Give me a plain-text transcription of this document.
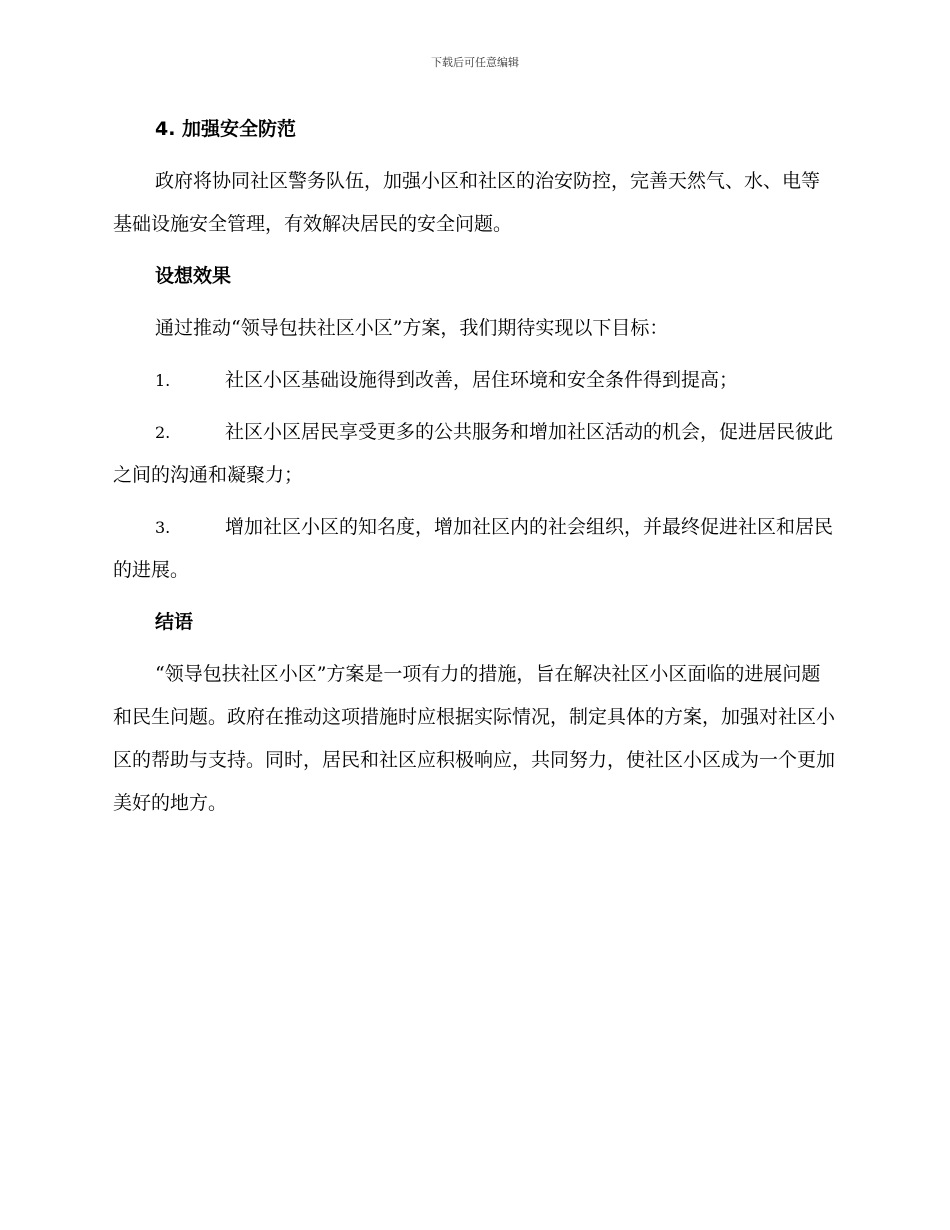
下载后可任意编辑
4. 加强安全防范

政府将协同社区警务队伍，加强小区和社区的治安防控，完善天然气、水、电等基础设施安全管理，有效解决居民的安全问题。

设想效果

通过推动“领导包扶社区小区”方案，我们期待实现以下目标：

1.	社区小区基础设施得到改善，居住环境和安全条件得到提高；

2.	社区小区居民享受更多的公共服务和增加社区活动的机会，促进居民彼此之间的沟通和凝聚力；

3.	增加社区小区的知名度，增加社区内的社会组织，并最终促进社区和居民的进展。

结语

“领导包扶社区小区”方案是一项有力的措施，旨在解决社区小区面临的进展问题和民生问题。政府在推动这项措施时应根据实际情况，制定具体的方案，加强对社区小区的帮助与支持。同时，居民和社区应积极响应，共同努力，使社区小区成为一个更加美好的地方。
